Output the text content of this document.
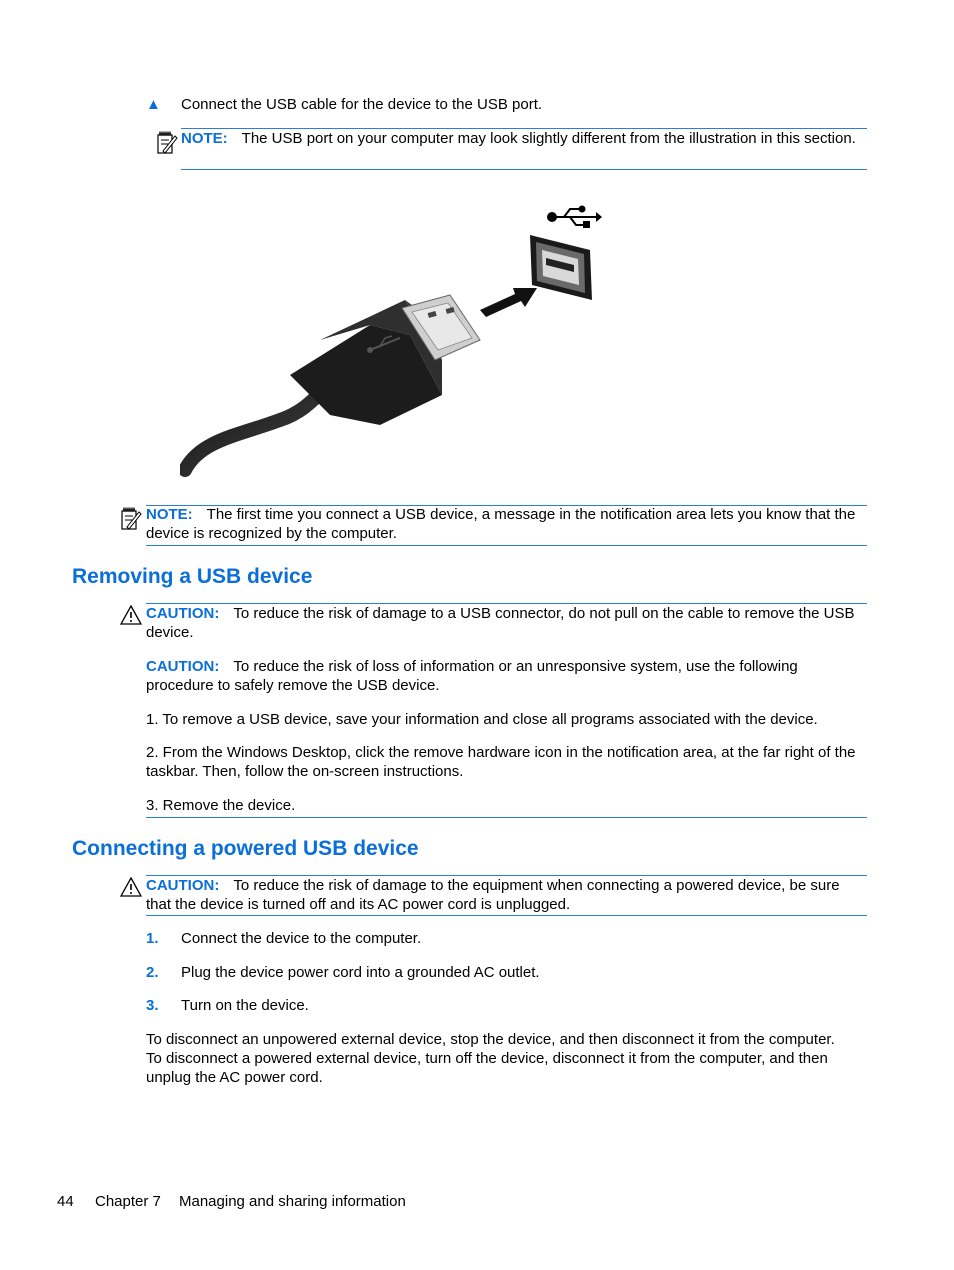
▲ Connect the USB cable for the device to the USB port.
NOTE: The USB port on your computer may look slightly different from the illustration in this section.
NOTE: The first time you connect a USB device, a message in the notification area lets you know that the device is recognized by the computer.
Removing a USB device
CAUTION: To reduce the risk of damage to a USB connector, do not pull on the cable to remove the USB device.
CAUTION: To reduce the risk of loss of information or an unresponsive system, use the following procedure to safely remove the USB device.
1. To remove a USB device, save your information and close all programs associated with the device.
2. From the Windows Desktop, click the remove hardware icon in the notification area, at the far right of the taskbar. Then, follow the on-screen instructions.
3. Remove the device.
Connecting a powered USB device
CAUTION: To reduce the risk of damage to the equipment when connecting a powered device, be sure that the device is turned off and its AC power cord is unplugged.
1. Connect the device to the computer.
2. Plug the device power cord into a grounded AC outlet.
3. Turn on the device.
To disconnect an unpowered external device, stop the device, and then disconnect it from the computer. To disconnect a powered external device, turn off the device, disconnect it from the computer, and then unplug the AC power cord.
44 Chapter 7 Managing and sharing information
